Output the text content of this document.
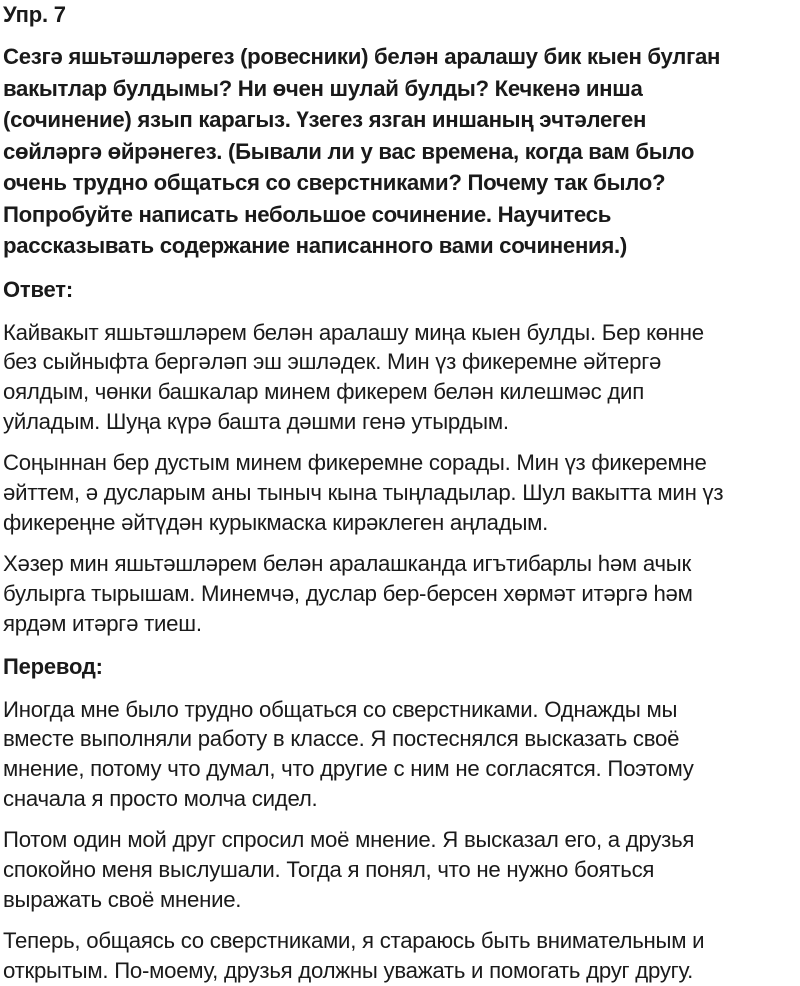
Упр. 7

Сезгә яшьтәшләрегез (ровесники) белән аралашу бик кыен булган
вакытлар булдымы? Ни өчен шулай булды? Кечкенә инша
(сочинение) язып карагыз. Үзегез язган иншаның эчтәлеген
сөйләргә өйрәнегез. (Бывали ли у вас времена, когда вам было
очень трудно общаться со сверстниками? Почему так было?
Попробуйте написать небольшое сочинение. Научитесь
рассказывать содержание написанного вами сочинения.)

Ответ:

Кайвакыт яшьтәшләрем белән аралашу миңа кыен булды. Бер көнне
без сыйныфта бергәләп эш эшләдек. Мин үз фикеремне әйтергә
оялдым, чөнки башкалар минем фикерем белән килешмәс дип
уйладым. Шуңа күрә башта дәшми генә утырдым.

Соңыннан бер дустым минем фикеремне сорады. Мин үз фикеремне
әйттем, ә дусларым аны тыныч кына тыңладылар. Шул вакытта мин үз
фикереңне әйтүдән курыкмаска кирәклеген аңладым.

Хәзер мин яшьтәшләрем белән аралашканда игътибарлы һәм ачык
булырга тырышам. Минемчә, дуслар бер-берсен хөрмәт итәргә һәм
ярдәм итәргә тиеш.

Перевод:

Иногда мне было трудно общаться со сверстниками. Однажды мы
вместе выполняли работу в классе. Я постеснялся высказать своё
мнение, потому что думал, что другие с ним не согласятся. Поэтому
сначала я просто молча сидел.

Потом один мой друг спросил моё мнение. Я высказал его, а друзья
спокойно меня выслушали. Тогда я понял, что не нужно бояться
выражать своё мнение.

Теперь, общаясь со сверстниками, я стараюсь быть внимательным и
открытым. По-моему, друзья должны уважать и помогать друг другу.
